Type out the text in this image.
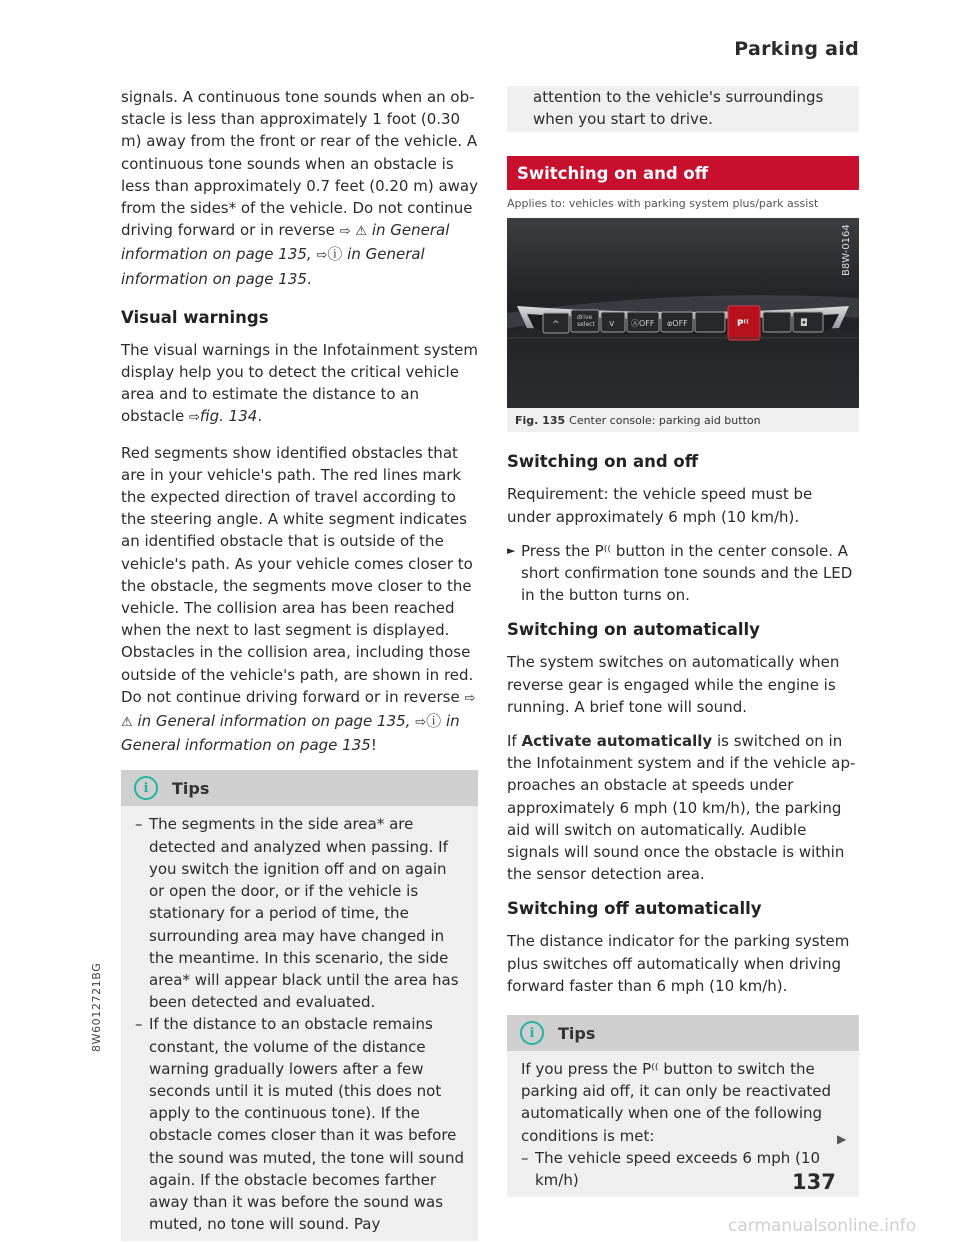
Parking aid

signals. A continuous tone sounds when an obstacle is less than approximately 1 foot (0.30 m) away from the front or rear of the vehicle. A continuous tone sounds when an obstacle is less than approximately 0.7 feet (0.20 m) away from the sides* of the vehicle. Do not continue driving forward or in reverse ⇨ ⚠ in General information on page 135, ⇨ⓘ in General information on page 135.

Visual warnings

The visual warnings in the Infotainment system display help you to detect the critical vehicle area and to estimate the distance to an obstacle ⇨fig. 134.

Red segments show identified obstacles that are in your vehicle's path. The red lines mark the expected direction of travel according to the steering angle. A white segment indicates an identified obstacle that is outside of the vehicle's path. As your vehicle comes closer to the obstacle, the segments move closer to the vehicle. The collision area has been reached when the next to last segment is displayed. Obstacles in the collision area, including those outside of the vehicle's path, are shown in red. Do not continue driving forward or in reverse ⇨ ⚠ in General information on page 135, ⇨ⓘ in General information on page 135!

i	Tips
– The segments in the side area* are detected and analyzed when passing. If you switch the ignition off and on again or open the door, or if the vehicle is stationary for a period of time, the surrounding area may have changed in the meantime. In this scenario, the side area* will appear black until the area has been detected and evaluated.
– If the distance to an obstacle remains constant, the volume of the distance warning gradually lowers after a few seconds until it is muted (this does not apply to the continuous tone). If the obstacle comes closer than it was before the sound was muted, the tone will sound again. If the obstacle becomes farther away than it was before the sound was muted, no tone will sound. Pay
attention to the vehicle's surroundings when you start to drive.
Switching on and off
Applies to: vehicles with parking system plus/park assist
^
drive
select v ⒶOFF ⱷOFF	P⁽⁽	◘
B8W-0164
Fig. 135 Center console: parking aid button
Switching on and off

Requirement: the vehicle speed must be under approximately 6 mph (10 km/h).

► Press the P⁽⁽ button in the center console. A short confirmation tone sounds and the LED in the button turns on.
Switching on automatically

The system switches on automatically when reverse gear is engaged while the engine is running. A brief tone will sound.

If Activate automatically is switched on in the Infotainment system and if the vehicle approaches an obstacle at speeds under approximately 6 mph (10 km/h), the parking aid will switch on automatically. Audible signals will sound once the obstacle is within the sensor detection area.

Switching off automatically

The distance indicator for the parking system plus switches off automatically when driving forward faster than 6 mph (10 km/h).

i	Tips

If you press the P⁽⁽ button to switch the parking aid off, it can only be reactivated automatically when one of the following conditions is met:

– The vehicle speed exceeds 6 mph (10 km/h)
▶
137
8W6012721BG
carmanualsonline.info
